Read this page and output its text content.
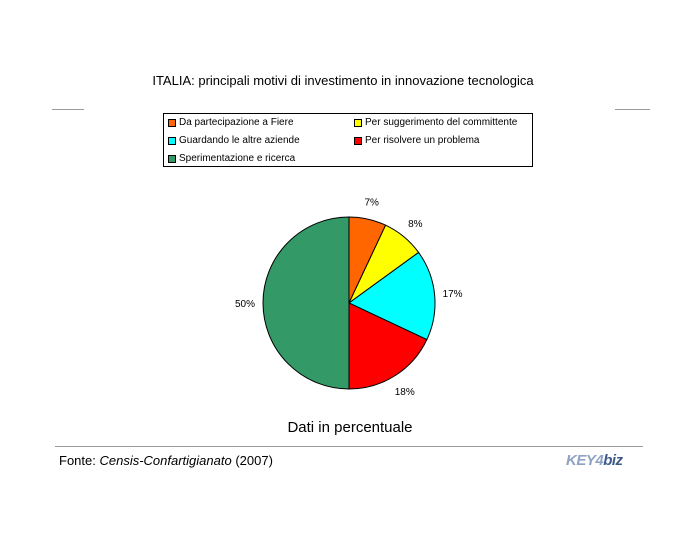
ITALIA: principali motivi di investimento in innovazione tecnologica
Da partecipazione a Fiere	Per suggerimento del committente
Guardando le altre aziende	Per risolvere un problema
Sperimentazione e ricerca
7%
8%
17%
18%
50%
Dati in percentuale
Fonte: Censis-Confartigianato (2007)	KEY4biz
